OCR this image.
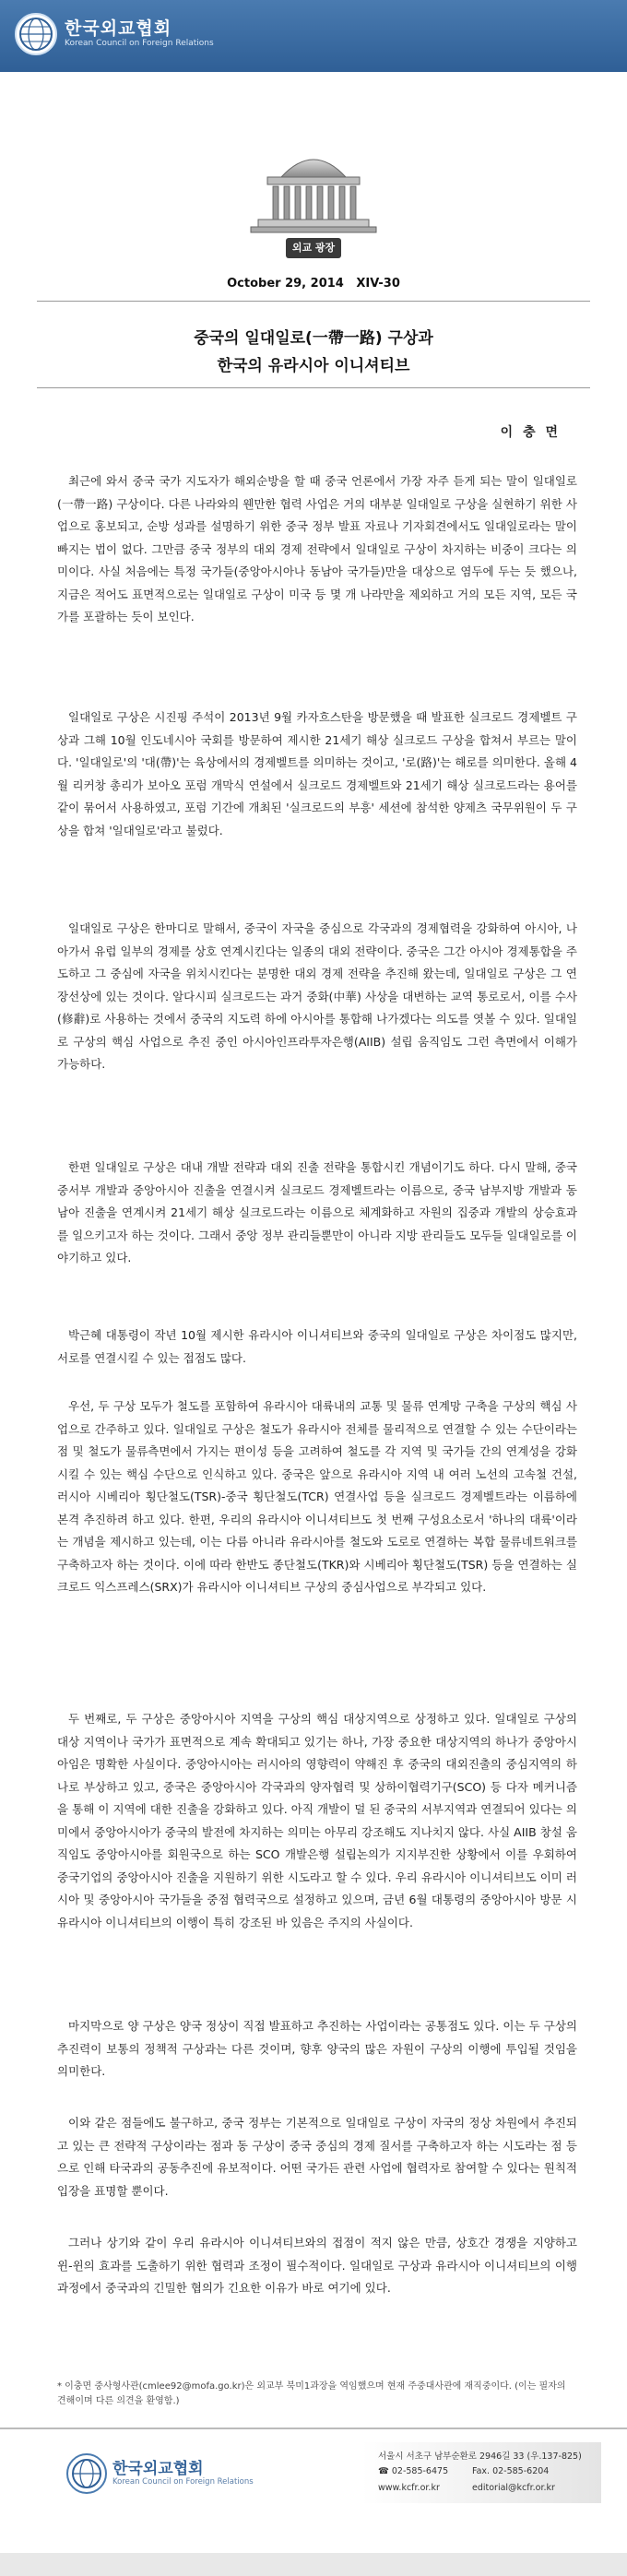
한국외교협회
Korean Council on Foreign Relations
외교 광장
October 29, 2014 XIV-30
중국의 일대일로(一帶一路) 구상과
한국의 유라시아 이니셔티브
이 충 면
최근에 와서 중국 국가 지도자가 해외순방을 할 때 중국 언론에서 가장 자주 듣게 되는 말이 일대일로(一帶一路) 구상이다. 다른 나라와의 웬만한 협력 사업은 거의 대부분 일대일로 구상을 실현하기 위한 사업으로 홍보되고, 순방 성과를 설명하기 위한 중국 정부 발표 자료나 기자회견에서도 일대일로라는 말이 빠지는 법이 없다. 그만큼 중국 정부의 대외 경제 전략에서 일대일로 구상이 차지하는 비중이 크다는 의미이다. 사실 처음에는 특정 국가들(중앙아시아나 동남아 국가들)만을 대상으로 염두에 두는 듯 했으나, 지금은 적어도 표면적으로는 일대일로 구상이 미국 등 몇 개 나라만을 제외하고 거의 모든 지역, 모든 국가를 포괄하는 듯이 보인다.
일대일로 구상은 시진핑 주석이 2013년 9월 카자흐스탄을 방문했을 때 발표한 실크로드 경제벨트 구상과 그해 10월 인도네시아 국회를 방문하여 제시한 21세기 해상 실크로드 구상을 합쳐서 부르는 말이다. '일대일로'의 '대(帶)'는 육상에서의 경제벨트를 의미하는 것이고, '로(路)'는 해로를 의미한다. 올해 4월 리커창 총리가 보아오 포럼 개막식 연설에서 실크로드 경제벨트와 21세기 해상 실크로드라는 용어를 같이 묶어서 사용하였고, 포럼 기간에 개최된 '실크로드의 부흥' 세션에 참석한 양제츠 국무위원이 두 구상을 합쳐 '일대일로'라고 불렀다.
일대일로 구상은 한마디로 말해서, 중국이 자국을 중심으로 각국과의 경제협력을 강화하여 아시아, 나아가서 유럽 일부의 경제를 상호 연계시킨다는 일종의 대외 전략이다. 중국은 그간 아시아 경제통합을 주도하고 그 중심에 자국을 위치시킨다는 분명한 대외 경제 전략을 추진해 왔는데, 일대일로 구상은 그 연장선상에 있는 것이다. 알다시피 실크로드는 과거 중화(中華) 사상을 대변하는 교역 통로로서, 이를 수사(修辭)로 사용하는 것에서 중국의 지도력 하에 아시아를 통합해 나가겠다는 의도를 엿볼 수 있다. 일대일로 구상의 핵심 사업으로 추진 중인 아시아인프라투자은행(AIIB) 설립 움직임도 그런 측면에서 이해가 가능하다.
한편 일대일로 구상은 대내 개발 전략과 대외 진출 전략을 통합시킨 개념이기도 하다. 다시 말해, 중국 중서부 개발과 중앙아시아 진출을 연결시켜 실크로드 경제벨트라는 이름으로, 중국 남부지방 개발과 동남아 진출을 연계시켜 21세기 해상 실크로드라는 이름으로 체계화하고 자원의 집중과 개발의 상승효과를 일으키고자 하는 것이다. 그래서 중앙 정부 관리들뿐만이 아니라 지방 관리들도 모두들 일대일로를 이야기하고 있다.
박근혜 대통령이 작년 10월 제시한 유라시아 이니셔티브와 중국의 일대일로 구상은 차이점도 많지만, 서로를 연결시킬 수 있는 접점도 많다.
우선, 두 구상 모두가 철도를 포함하여 유라시아 대륙내의 교통 및 물류 연계망 구축을 구상의 핵심 사업으로 간주하고 있다. 일대일로 구상은 철도가 유라시아 전체를 물리적으로 연결할 수 있는 수단이라는 점 및 철도가 물류측면에서 가지는 편이성 등을 고려하여 철도를 각 지역 및 국가들 간의 연계성을 강화시킬 수 있는 핵심 수단으로 인식하고 있다. 중국은 앞으로 유라시아 지역 내 여러 노선의 고속철 건설, 러시아 시베리아 횡단철도(TSR)-중국 횡단철도(TCR) 연결사업 등을 실크로드 경제벨트라는 이름하에 본격 추진하려 하고 있다. 한편, 우리의 유라시아 이니셔티브도 첫 번째 구성요소로서 '하나의 대륙'이라는 개념을 제시하고 있는데, 이는 다름 아니라 유라시아를 철도와 도로로 연결하는 복합 물류네트워크를 구축하고자 하는 것이다. 이에 따라 한반도 종단철도(TKR)와 시베리아 횡단철도(TSR) 등을 연결하는 실크로드 익스프레스(SRX)가 유라시아 이니셔티브 구상의 중심사업으로 부각되고 있다.
두 번째로, 두 구상은 중앙아시아 지역을 구상의 핵심 대상지역으로 상정하고 있다. 일대일로 구상의 대상 지역이나 국가가 표면적으로 계속 확대되고 있기는 하나, 가장 중요한 대상지역의 하나가 중앙아시아임은 명확한 사실이다. 중앙아시아는 러시아의 영향력이 약해진 후 중국의 대외진출의 중심지역의 하나로 부상하고 있고, 중국은 중앙아시아 각국과의 양자협력 및 상하이협력기구(SCO) 등 다자 메커니즘을 통해 이 지역에 대한 진출을 강화하고 있다. 아직 개발이 덜 된 중국의 서부지역과 연결되어 있다는 의미에서 중앙아시아가 중국의 발전에 차지하는 의미는 아무리 강조해도 지나치지 않다. 사실 AIIB 창설 움직임도 중앙아시아를 회원국으로 하는 SCO 개발은행 설립논의가 지지부진한 상황에서 이를 우회하여 중국기업의 중앙아시아 진출을 지원하기 위한 시도라고 할 수 있다. 우리 유라시아 이니셔티브도 이미 러시아 및 중앙아시아 국가들을 중점 협력국으로 설정하고 있으며, 금년 6월 대통령의 중앙아시아 방문 시 유라시아 이니셔티브의 이행이 특히 강조된 바 있음은 주지의 사실이다.
마지막으로 양 구상은 양국 정상이 직접 발표하고 추진하는 사업이라는 공통점도 있다. 이는 두 구상의 추진력이 보통의 정책적 구상과는 다른 것이며, 향후 양국의 많은 자원이 구상의 이행에 투입될 것임을 의미한다.
이와 같은 점들에도 불구하고, 중국 정부는 기본적으로 일대일로 구상이 자국의 정상 차원에서 추진되고 있는 큰 전략적 구상이라는 점과 동 구상이 중국 중심의 경제 질서를 구축하고자 하는 시도라는 점 등으로 인해 타국과의 공동추진에 유보적이다. 어떤 국가든 관련 사업에 협력자로 참여할 수 있다는 원칙적 입장을 표명할 뿐이다.
그러나 상기와 같이 우리 유라시아 이니셔티브와의 접점이 적지 않은 만큼, 상호간 경쟁을 지양하고 윈-윈의 효과를 도출하기 위한 협력과 조정이 필수적이다. 일대일로 구상과 유라시아 이니셔티브의 이행과정에서 중국과의 긴밀한 협의가 긴요한 이유가 바로 여기에 있다.
* 이충면 중사형사관(cmlee92@mofa.go.kr)은 외교부 북미1과장을 역임했으며 현재 주중대사관에 재직중이다. (이는 필자의 견해이며 다른 의견을 환영함.)
한국외교협회
Korean Council on Foreign Relations
서울시 서초구 남부순환로 2946길 33 (우.137-825)
☎ 02-585-6475	Fax. 02-585-6204
www.kcfr.or.kr	editorial@kcfr.or.kr
